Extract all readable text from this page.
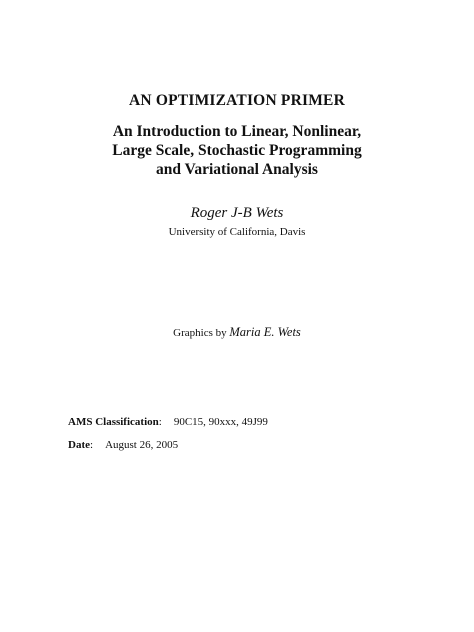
AN OPTIMIZATION PRIMER
An Introduction to Linear, Nonlinear,
Large Scale, Stochastic Programming
and Variational Analysis
Roger J-B Wets
University of California, Davis
Graphics by Maria E. Wets
AMS Classification: 90C15, 90xxx, 49J99
Date: August 26, 2005
